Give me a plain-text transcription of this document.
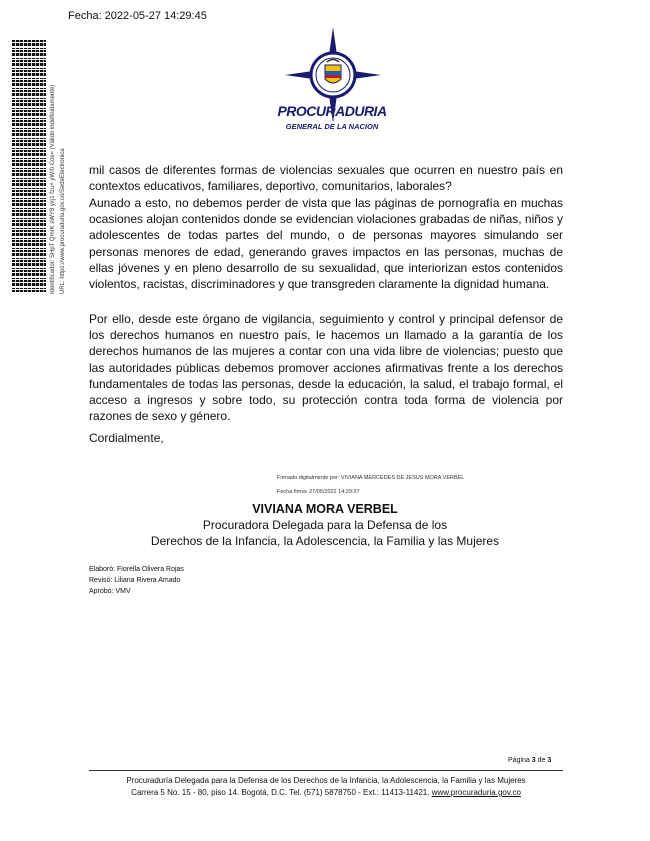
Fecha: 2022-05-27 14:29:45
Identificador: SHpT QmrK sWY8 yxj1 fzu+ yW/0 Cos= (Válido indefinidamente) URL: https://www.procuraduria.gov.co/SedeElectronica
PROCURADURIA
GENERAL DE LA NACION
mil casos de diferentes formas de violencias sexuales que ocurren en nuestro país en contextos educativos, familiares, deportivo, comunitarios, laborales?
Aunado a esto, no debemos perder de vista que las páginas de pornografía en muchas ocasiones alojan contenidos donde se evidencian violaciones grabadas de niñas, niños y adolescentes de todas partes del mundo, o de personas mayores simulando ser personas menores de edad, generando graves impactos en las personas, muchas de ellas jóvenes y en pleno desarrollo de su sexualidad, que interiorizan estos contenidos violentos, racistas, discriminadores y que transgreden claramente la dignidad humana.
Por ello, desde este órgano de vigilancia, seguimiento y control y principal defensor de los derechos humanos en nuestro país, le hacemos un llamado a la garantía de los derechos humanos de las mujeres a contar con una vida libre de violencias; puesto que las autoridades públicas debemos promover acciones afirmativas frente a los derechos fundamentales de todas las personas, desde la educación, la salud, el trabajo formal, el acceso a ingresos y sobre todo, su protección contra toda forma de violencia por razones de sexo y género.
Cordialmente,
Firmado digitalmente por: VIVIANA MERCEDES DE JESUS MORA VERBEL
Fecha firma: 27/05/2022 14:29:37
VIVIANA MORA VERBEL
Procuradora Delegada para la Defensa de los
Derechos de la Infancia, la Adolescencia, la Familia y las Mujeres
Elaboró: Fiorella Olivera Rojas
Revisó: Liliana Rivera Amado
Aprobó: VMV
Página 3 de 3
Procuraduría Delegada para la Defensa de los Derechos de la Infancia, la Adolescencia, la Familia y las Mujeres
Carrera 5 No. 15 - 80, piso 14. Bogotá, D.C. Tel. (571) 5878750 - Ext.: 11413-11421. www.procuraduria.gov.co
